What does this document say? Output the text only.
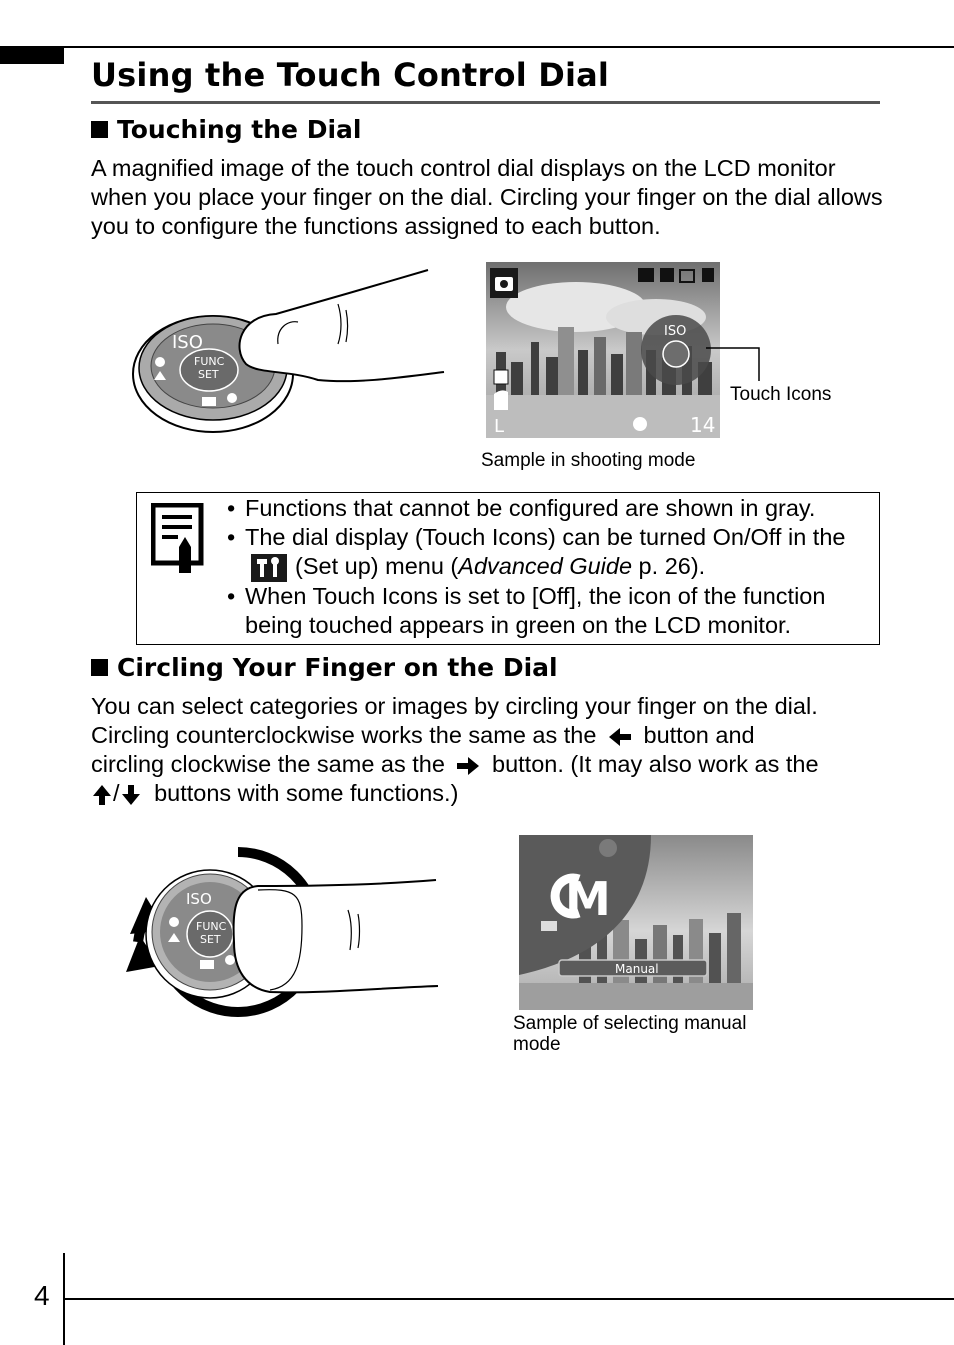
Using the Touch Control Dial
Touching the Dial

A magnified image of the touch control dial displays on the LCD monitor when you place your finger on the dial. Circling your finger on the dial allows you to configure the functions assigned to each button.

ISO
FUNC
SET
ISO
L	14
Touch Icons
Sample in shooting mode
• Functions that cannot be configured are shown in gray.
• The dial display (Touch Icons) can be turned On/Off in the (Set up) menu (Advanced Guide p. 26).
• When Touch Icons is set to [Off], the icon of the function being touched appears in green on the LCD monitor.
Circling Your Finger on the Dial
You can select categories or images by circling your finger on the dial.
Circling counterclockwise works the same as the button and
circling clockwise the same as the button. (It may also work as the
/ buttons with some functions.)
ISO
FUNC
SET
M
Manual
Sample of selecting manual
mode
4
